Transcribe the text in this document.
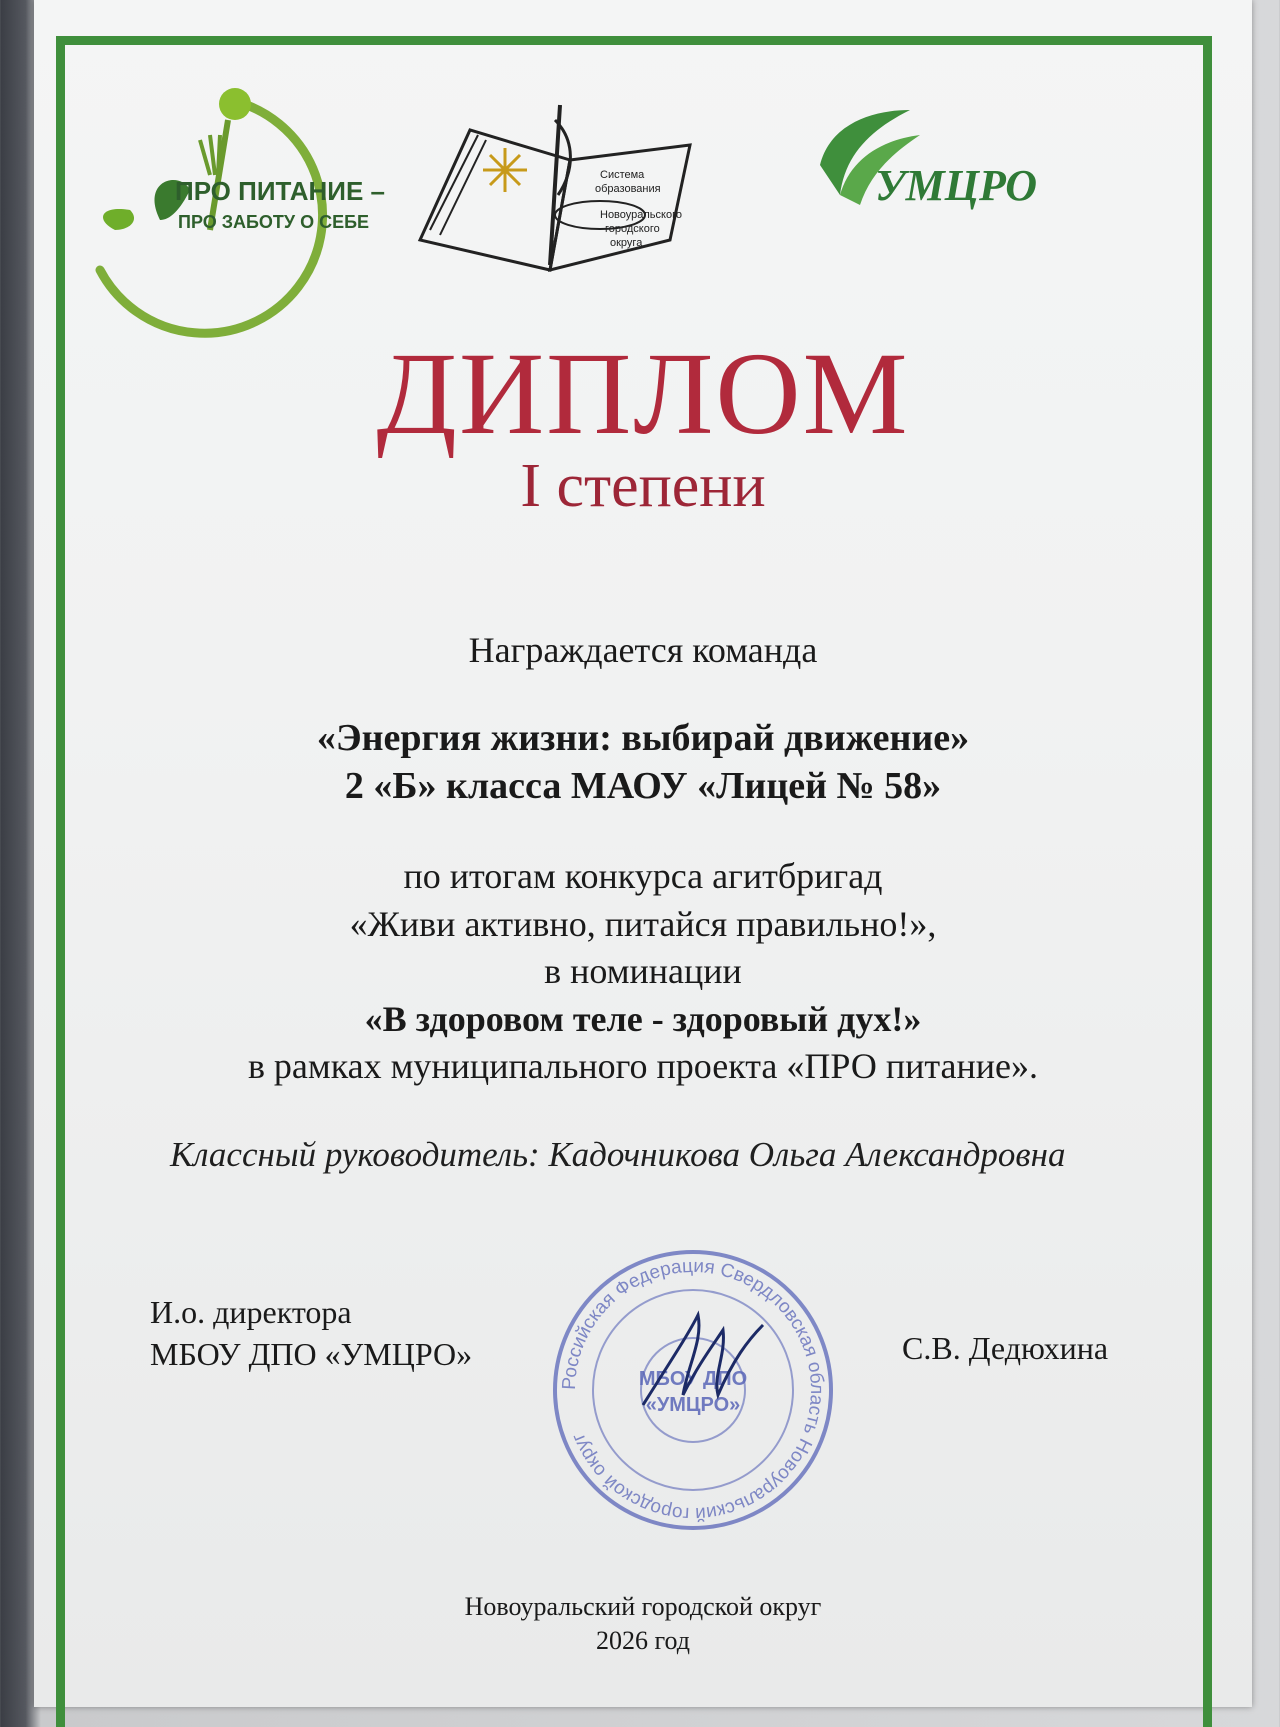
ПРО ПИТАНИЕ –
ПРО ЗАБОТУ О СЕБЕ
Система
образования
Новоуральского
городского
округа
УМЦРО
ДИПЛОМ
I степени
Награждается команда
«Энергия жизни: выбирай движение»
2 «Б» класса МАОУ «Лицей № 58»
по итогам конкурса агитбригад
«Живи активно, питайся правильно!»,
в номинации
«В здоровом теле - здоровый дух!»
в рамках муниципального проекта «ПРО питание».
Классный руководитель: Кадочникова Ольга Александровна
И.о. директора
МБОУ ДПО «УМЦРО»
Российская Федерация Свердловская область Новоуральский городской округ
МБОУ ДПО
«УМЦРО»
С.В. Дедюхина
Новоуральский городской округ
2026 год
